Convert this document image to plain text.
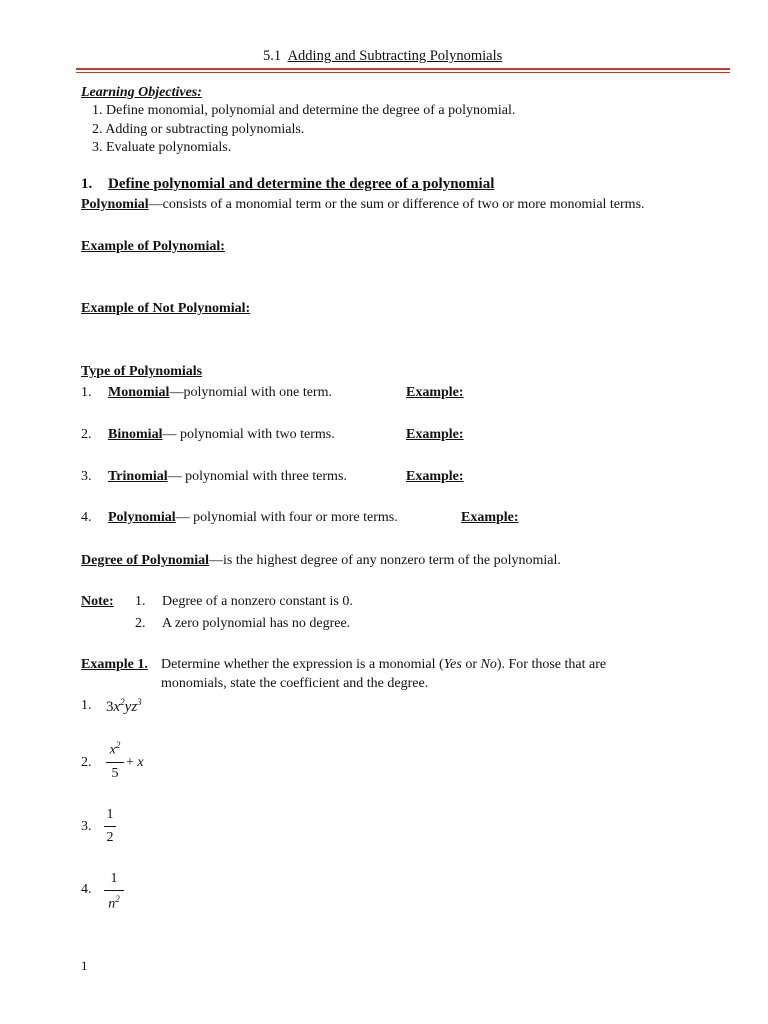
5.1 Adding and Subtracting Polynomials
Learning Objectives:
1. Define monomial, polynomial and determine the degree of a polynomial.
2. Adding or subtracting polynomials.
3. Evaluate polynomials.
1. Define polynomial and determine the degree of a polynomial
Polynomial—consists of a monomial term or the sum or difference of two or more monomial terms.
Example of Polynomial:
Example of Not Polynomial:
Type of Polynomials
1. Monomial—polynomial with one term.	Example:
2. Binomial— polynomial with two terms.	Example:
3. Trinomial— polynomial with three terms.	Example:
4. Polynomial— polynomial with four or more terms.	Example:
Degree of Polynomial—is the highest degree of any nonzero term of the polynomial.
Note: 1. Degree of a nonzero constant is 0.
2. A zero polynomial has no degree.
Example 1. Determine whether the expression is a monomial (Yes or No). For those that are
monomials, state the coefficient and the degree.
1. $3x^2yz^3$
2.
$x^2$
5
+ x
3.
1
2
4.
1
$n^2$
1
